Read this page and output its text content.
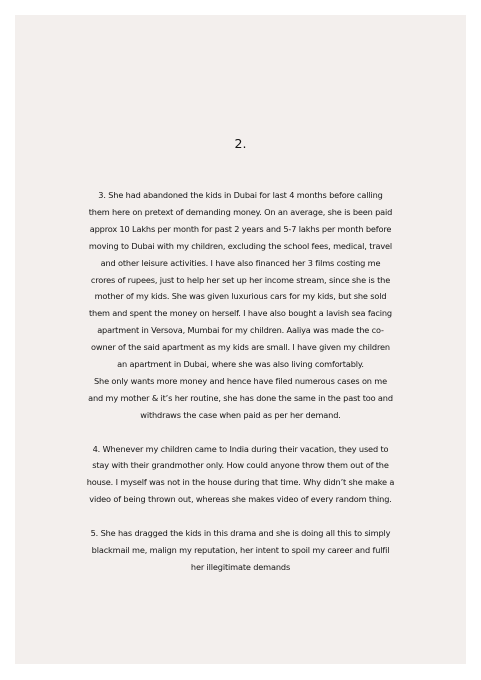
2.
3. She had abandoned the kids in Dubai for last 4 months before calling
them here on pretext of demanding money. On an average, she is been paid
approx 10 Lakhs per month for past 2 years and 5-7 lakhs per month before
moving to Dubai with my children, excluding the school fees, medical, travel
and other leisure activities. I have also financed her 3 films costing me
crores of rupees, just to help her set up her income stream, since she is the
mother of my kids. She was given luxurious cars for my kids, but she sold
them and spent the money on herself. I have also bought a lavish sea facing
apartment in Versova, Mumbai for my children. Aaliya was made the co-
owner of the said apartment as my kids are small. I have given my children
an apartment in Dubai, where she was also living comfortably.
She only wants more money and hence have filed numerous cases on me
and my mother & it’s her routine, she has done the same in the past too and
withdraws the case when paid as per her demand.
4. Whenever my children came to India during their vacation, they used to
stay with their grandmother only. How could anyone throw them out of the
house. I myself was not in the house during that time. Why didn’t she make a
video of being thrown out, whereas she makes video of every random thing.
5. She has dragged the kids in this drama and she is doing all this to simply
blackmail me, malign my reputation, her intent to spoil my career and fulfil
her illegitimate demands
